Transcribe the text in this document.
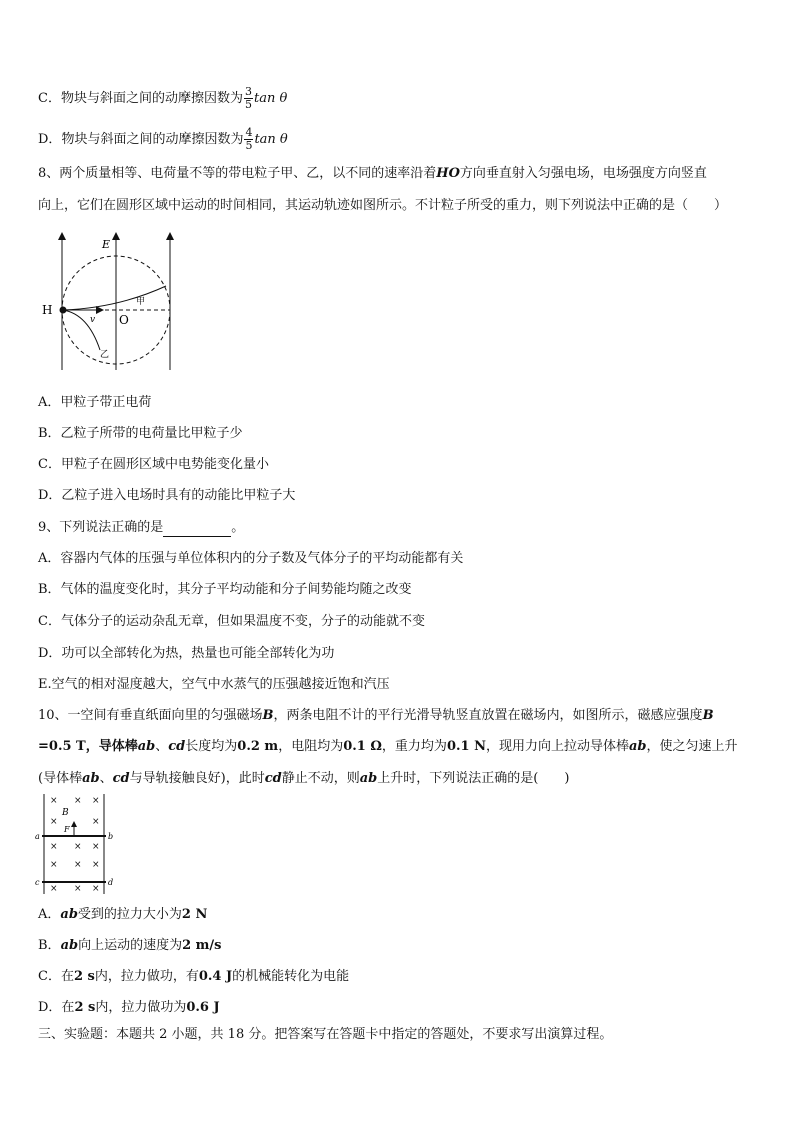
C．物块与斜面之间的动摩擦因数为 $\frac{3}{5}$ tan θ
D．物块与斜面之间的动摩擦因数为 $\frac{4}{5}$ tan θ
8、两个质量相等、电荷量不等的带电粒子甲、乙，以不同的速率沿着HO方向垂直射入匀强电场，电场强度方向竖直
向上，它们在圆形区域中运动的时间相同，其运动轨迹如图所示。不计粒子所受的重力，则下列说法中正确的是（　　）
H
E
O
v
甲
乙
A．甲粒子带正电荷
B．乙粒子所带的电荷量比甲粒子少
C．甲粒子在圆形区域中电势能变化量小
D．乙粒子进入电场时具有的动能比甲粒子大
9、下列说法正确的是	。
A．容器内气体的压强与单位体积内的分子数及气体分子的平均动能都有关
B．气体的温度变化时，其分子平均动能和分子间势能均随之改变
C．气体分子的运动杂乱无章，但如果温度不变，分子的动能就不变
D．功可以全部转化为热，热量也可能全部转化为功
E.空气的相对湿度越大，空气中水蒸气的压强越接近饱和汽压
10、一空间有垂直纸面向里的匀强磁场B，两条电阻不计的平行光滑导轨竖直放置在磁场内，如图所示，磁感应强度B
=0.5 T，导体棒ab、cd长度均为0.2 m，电阻均为0.1 Ω，重力均为0.1 N，现用力向上拉动导体棒ab，使之匀速上升
(导体棒ab、cd与导轨接触良好)，此时cd静止不动，则ab上升时，下列说法正确的是(　　)
× × ×
×	×
× × ×
× × ×
× × ×
B
F
a	b
c	d
A．ab受到的拉力大小为2 N
B．ab向上运动的速度为2 m/s
C．在2 s内，拉力做功，有0.4 J的机械能转化为电能
D．在2 s内，拉力做功为0.6 J
三、实验题：本题共 2 小题，共 18 分。把答案写在答题卡中指定的答题处，不要求写出演算过程。
